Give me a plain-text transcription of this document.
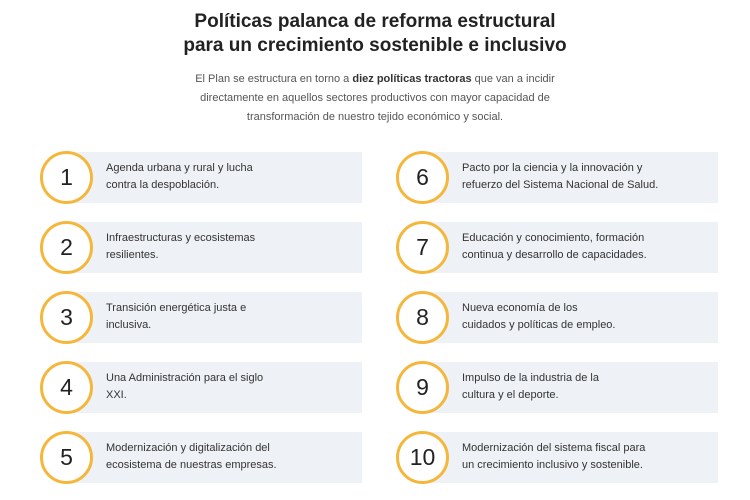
Políticas palanca de reforma estructural
para un crecimiento sostenible e inclusivo

El Plan se estructura en torno a diez políticas tractoras que van a incidir
directamente en aquellos sectores productivos con mayor capacidad de
transformación de nuestro tejido económico y social.

1	Agenda urbana y rural y lucha
contra la despoblación.	6	Pacto por la ciencia y la innovación y
refuerzo del Sistema Nacional de Salud.
2	Infraestructuras y ecosistemas
resilientes.	7	Educación y conocimiento, formación
continua y desarrollo de capacidades.
3	Transición energética justa e
inclusiva.	8	Nueva economía de los
cuidados y políticas de empleo.
4	Una Administración para el siglo
XXI.	9	Impulso de la industria de la
cultura y el deporte.
5	Modernización y digitalización del
ecosistema de nuestras empresas.	10	Modernización del sistema fiscal para
un crecimiento inclusivo y sostenible.
